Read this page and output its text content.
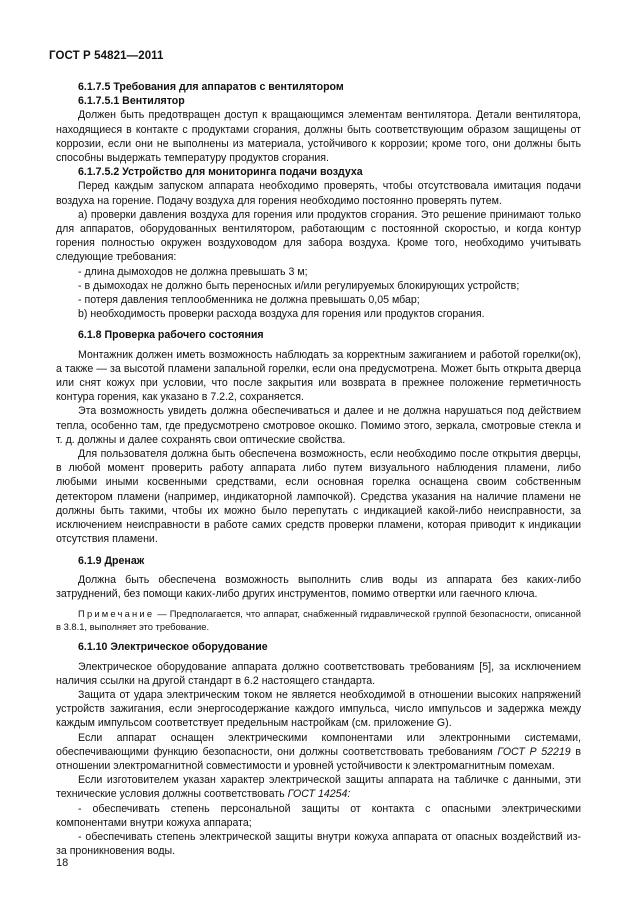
ГОСТ Р 54821—2011

6.1.7.5 Требования для аппаратов с вентилятором

6.1.7.5.1 Вентилятор

Должен быть предотвращен доступ к вращающимся элементам вентилятора. Детали вентилятора, находящиеся в контакте с продуктами сгорания, должны быть соответствующим образом защищены от коррозии, если они не выполнены из материала, устойчивого к коррозии; кроме того, они должны быть способны выдержать температуру продуктов сгорания.

6.1.7.5.2 Устройство для мониторинга подачи воздуха

Перед каждым запуском аппарата необходимо проверять, чтобы отсутствовала имитация подачи воздуха на горение. Подачу воздуха для горения необходимо постоянно проверять путем.

а) проверки давления воздуха для горения или продуктов сгорания. Это решение принимают только для аппаратов, оборудованных вентилятором, работающим с постоянной скоростью, и когда контур горения полностью окружен воздуховодом для забора воздуха. Кроме того, необходимо учитывать следующие требования:

- длина дымоходов не должна превышать 3 м;

- в дымоходах не должно быть переносных и/или регулируемых блокирующих устройств;

- потеря давления теплообменника не должна превышать 0,05 мбар;

b) необходимость проверки расхода воздуха для горения или продуктов сгорания.

6.1.8 Проверка рабочего состояния

Монтажник должен иметь возможность наблюдать за корректным зажиганием и работой горелки(ок), а также — за высотой пламени запальной горелки, если она предусмотрена. Может быть открыта дверца или снят кожух при условии, что после закрытия или возврата в прежнее положение герметичность контура горения, как указано в 7.2.2, сохраняется.

Эта возможность увидеть должна обеспечиваться и далее и не должна нарушаться под действием тепла, особенно там, где предусмотрено смотровое окошко. Помимо этого, зеркала, смотровые стекла и т. д. должны и далее сохранять свои оптические свойства.

Для пользователя должна быть обеспечена возможность, если необходимо после открытия дверцы, в любой момент проверить работу аппарата либо путем визуального наблюдения пламени, либо любыми иными косвенными средствами, если основная горелка оснащена своим собственным детектором пламени (например, индикаторной лампочкой). Средства указания на наличие пламени не должны быть такими, чтобы их можно было перепутать с индикацией какой-либо неисправности, за исключением неисправности в работе самих средств проверки пламени, которая приводит к индикации отсутствия пламени.

6.1.9 Дренаж

Должна быть обеспечена возможность выполнить слив воды из аппарата без каких-либо затруднений, без помощи каких-либо других инструментов, помимо отвертки или гаечного ключа.

Примечание — Предполагается, что аппарат, снабженный гидравлической группой безопасности, описанной в 3.8.1, выполняет это требование.

6.1.10 Электрическое оборудование

Электрическое оборудование аппарата должно соответствовать требованиям [5], за исключением наличия ссылки на другой стандарт в 6.2 настоящего стандарта.

Защита от удара электрическим током не является необходимой в отношении высоких напряжений устройств зажигания, если энергосодержание каждого импульса, число импульсов и задержка между каждым импульсом соответствует предельным настройкам (см. приложение G).

Если аппарат оснащен электрическими компонентами или электронными системами, обеспечивающими функцию безопасности, они должны соответствовать требованиям ГОСТ Р 52219 в отношении электромагнитной совместимости и уровней устойчивости к электромагнитным помехам.

Если изготовителем указан характер электрической защиты аппарата на табличке с данными, эти технические условия должны соответствовать ГОСТ 14254:

- обеспечивать степень персональной защиты от контакта с опасными электрическими компонентами внутри кожуха аппарата;

- обеспечивать степень электрической защиты внутри кожуха аппарата от опасных воздействий из-за проникновения воды.

18
